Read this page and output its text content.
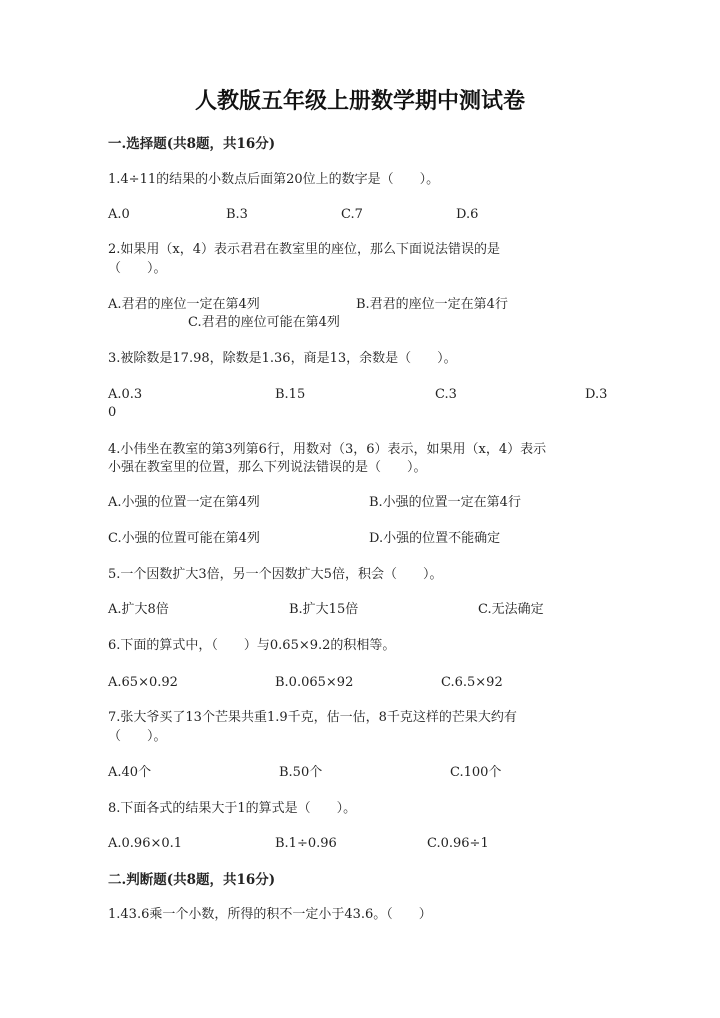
人教版五年级上册数学期中测试卷
一.选择题(共8题，共16分)
1.4÷11的结果的小数点后面第20位上的数字是（　　）。
A.0	B.3	C.7	D.6
2.如果用（x，4）表示君君在教室里的座位，那么下面说法错误的是
（　　）。
A.君君的座位一定在第4列	B.君君的座位一定在第4行
C.君君的座位可能在第4列
3.被除数是17.98，除数是1.36，商是13，余数是（　　）。
A.0.3	B.15	C.3	D.3
0
4.小伟坐在教室的第3列第6行，用数对（3，6）表示，如果用（x，4）表示
小强在教室里的位置，那么下列说法错误的是（　　）。
A.小强的位置一定在第4列	B.小强的位置一定在第4行
C.小强的位置可能在第4列	D.小强的位置不能确定
5.一个因数扩大3倍，另一个因数扩大5倍，积会（　　）。
A.扩大8倍	B.扩大15倍	C.无法确定
6.下面的算式中，（　　）与0.65×9.2的积相等。
A.65×0.92	B.0.065×92	C.6.5×92
7.张大爷买了13个芒果共重1.9千克，估一估，8千克这样的芒果大约有
（　　）。
A.40个	B.50个	C.100个
8.下面各式的结果大于1的算式是（　　）。
A.0.96×0.1	B.1÷0.96	C.0.96÷1
二.判断题(共8题，共16分)
1.43.6乘一个小数，所得的积不一定小于43.6。（　　）
